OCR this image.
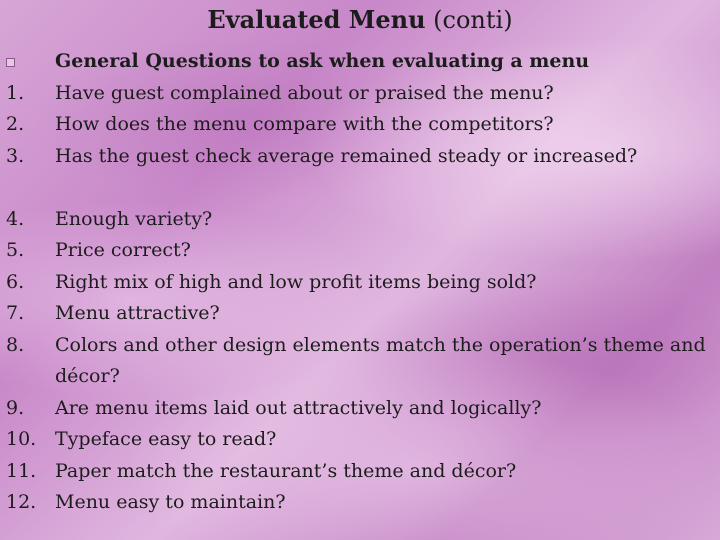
Evaluated Menu (conti)
General Questions to ask when evaluating a menu
1.	Have guest complained about or praised the menu?
2.	How does the menu compare with the competitors?
3.	Has the guest check average remained steady or increased?
4.	Enough variety?
5.	Price correct?
6.	Right mix of high and low profit items being sold?
7.	Menu attractive?
8.	Colors and other design elements match the operation’s theme and décor?
9.	Are menu items laid out attractively and logically?
10. Typeface easy to read?
11. Paper match the restaurant’s theme and décor?
12. Menu easy to maintain?
